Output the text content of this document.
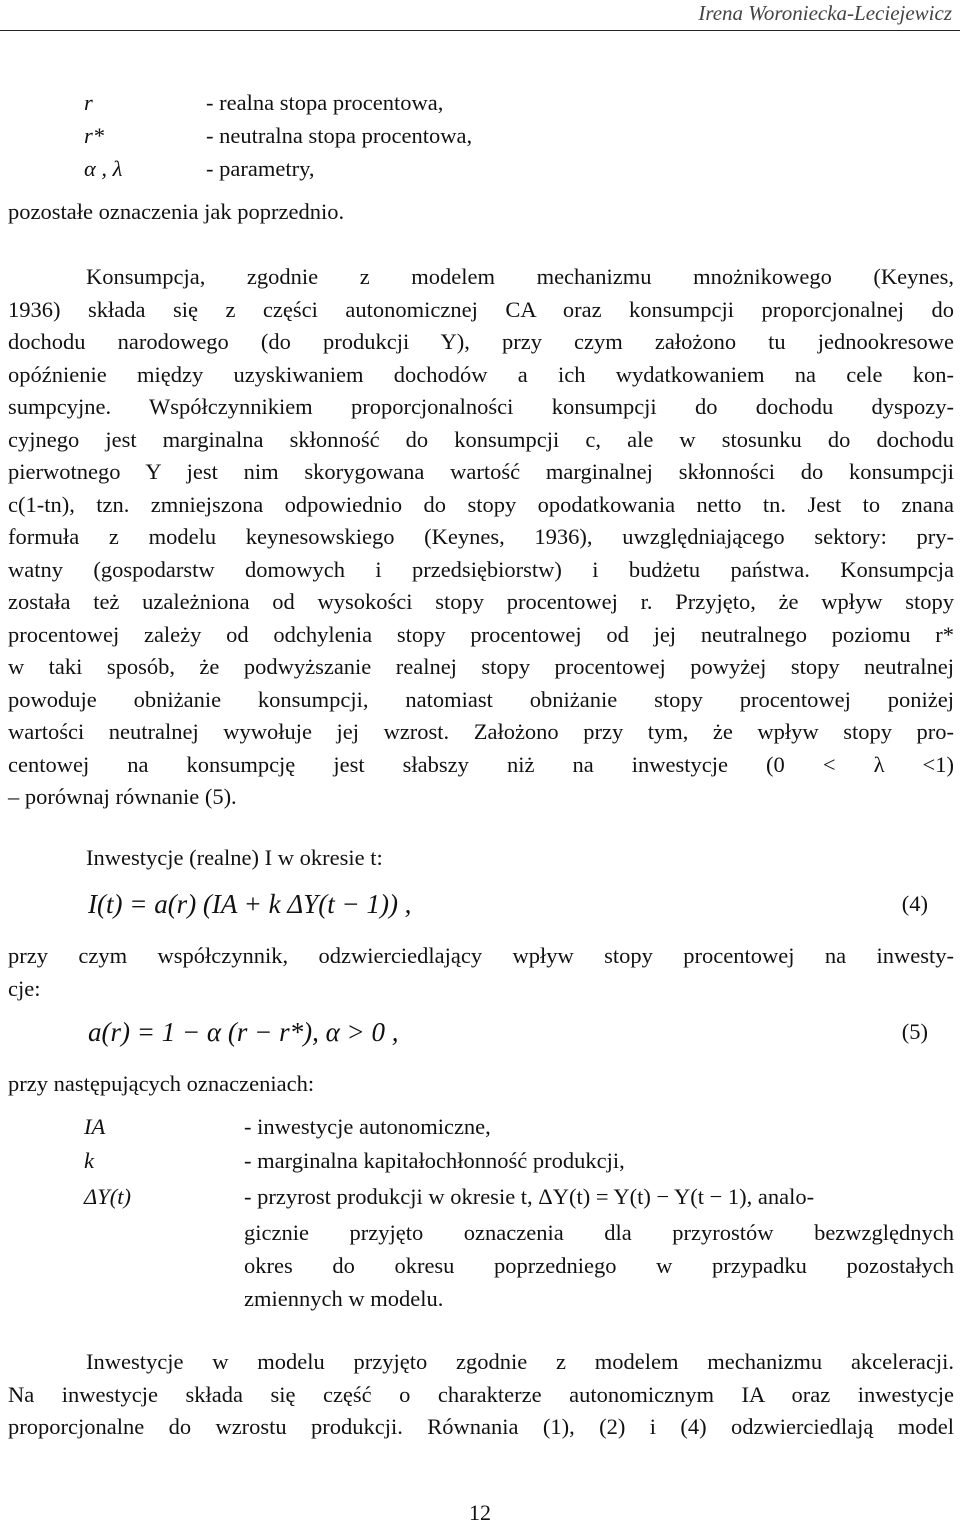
Irena Woroniecka-Leciejewicz
r	- realna stopa procentowa,
r*	- neutralna stopa procentowa,
α , λ	- parametry,
pozostałe oznaczenia jak poprzednio.
Konsumpcja, zgodnie z modelem mechanizmu mnożnikowego (Keynes,
1936) składa się z części autonomicznej CA oraz konsumpcji proporcjonalnej do
dochodu narodowego (do produkcji Y), przy czym założono tu jednookresowe
opóźnienie między uzyskiwaniem dochodów a ich wydatkowaniem na cele kon-
sumpcyjne. Współczynnikiem proporcjonalności konsumpcji do dochodu dyspozy-
cyjnego jest marginalna skłonność do konsumpcji c, ale w stosunku do dochodu
pierwotnego Y jest nim skorygowana wartość marginalnej skłonności do konsumpcji
c(1-tn), tzn. zmniejszona odpowiednio do stopy opodatkowania netto tn. Jest to znana
formuła z modelu keynesowskiego (Keynes, 1936), uwzględniającego sektory: pry-
watny (gospodarstw domowych i przedsiębiorstw) i budżetu państwa. Konsumpcja
została też uzależniona od wysokości stopy procentowej r. Przyjęto, że wpływ stopy
procentowej zależy od odchylenia stopy procentowej od jej neutralnego poziomu r*
w taki sposób, że podwyższanie realnej stopy procentowej powyżej stopy neutralnej
powoduje obniżanie konsumpcji, natomiast obniżanie stopy procentowej poniżej
wartości neutralnej wywołuje jej wzrost. Założono przy tym, że wpływ stopy pro-
centowej na konsumpcję jest słabszy niż na inwestycje (0 < λ <1)
– porównaj równanie (5).
Inwestycje (realne) I w okresie t:
I(t) = a(r) (IA + k ΔY(t − 1)) ,	(4)
przy czym współczynnik, odzwierciedlający wpływ stopy procentowej na inwesty-
cje:
a(r) = 1 − α (r − r*), α > 0 ,	(5)
przy następujących oznaczeniach:
IA	- inwestycje autonomiczne,
k	- marginalna kapitałochłonność produkcji,
ΔY(t)	- przyrost produkcji w okresie t, ΔY(t) = Y(t) − Y(t − 1), analo-
gicznie przyjęto oznaczenia dla przyrostów bezwzględnych
okres do okresu poprzedniego w przypadku pozostałych
zmiennych w modelu.
Inwestycje w modelu przyjęto zgodnie z modelem mechanizmu akceleracji.
Na inwestycje składa się część o charakterze autonomicznym IA oraz inwestycje
proporcjonalne do wzrostu produkcji. Równania (1), (2) i (4) odzwierciedlają model
12
